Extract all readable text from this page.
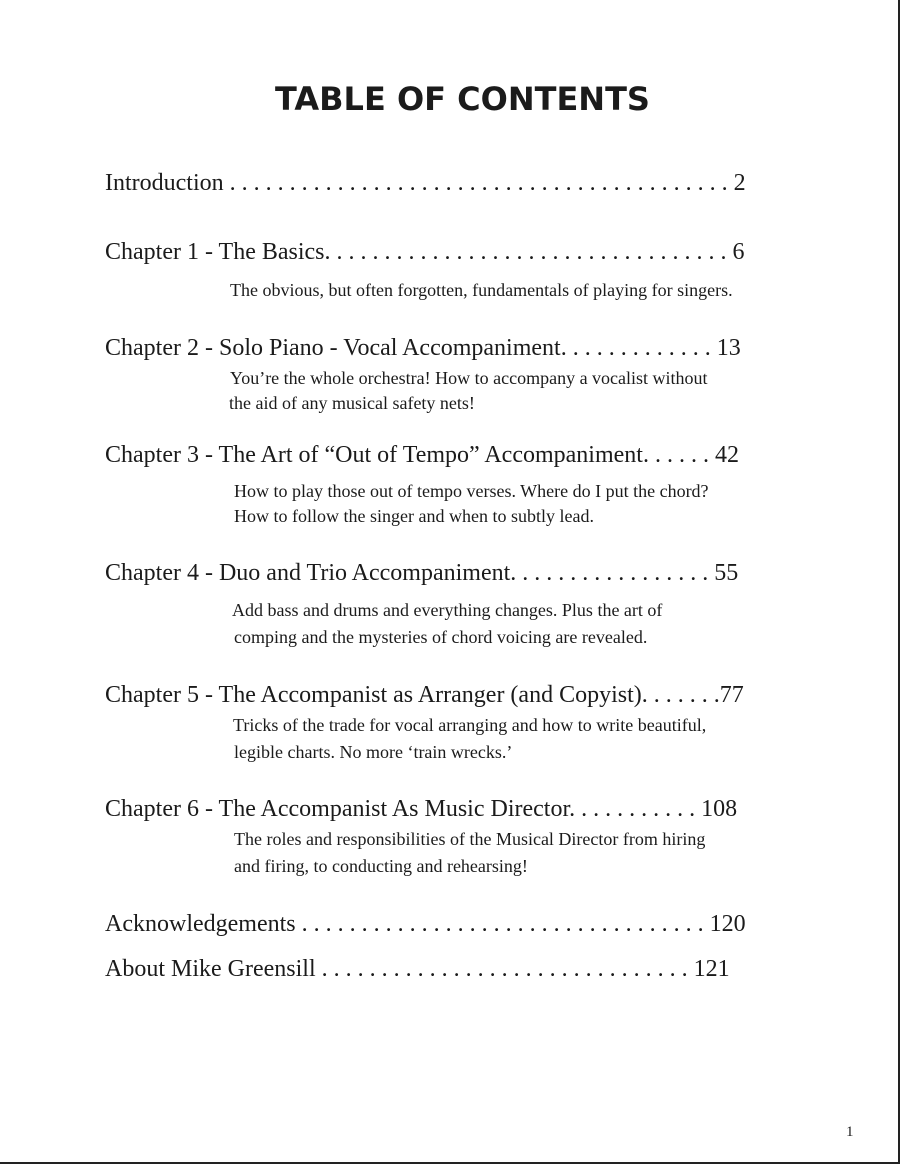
TABLE OF CONTENTS
Introduction . . . . . . . . . . . . . . . . . . . . . . . . . . . . . . . . . . . . . . . . . . 2
Chapter 1 - The Basics. . . . . . . . . . . . . . . . . . . . . . . . . . . . . . . . . . 6
The obvious, but often forgotten, fundamentals of playing for singers.
Chapter 2 - Solo Piano - Vocal Accompaniment. . . . . . . . . . . . . 13
You’re the whole orchestra! How to accompany a vocalist without
the aid of any musical safety nets!
Chapter 3 - The Art of “Out of Tempo” Accompaniment. . . . . . 42
How to play those out of tempo verses. Where do I put the chord?
How to follow the singer and when to subtly lead.
Chapter 4 - Duo and Trio Accompaniment. . . . . . . . . . . . . . . . . 55
Add bass and drums and everything changes. Plus the art of
comping and the mysteries of chord voicing are revealed.
Chapter 5 - The Accompanist as Arranger (and Copyist). . . . . . .77
Tricks of the trade for vocal arranging and how to write beautiful,
legible charts. No more ‘train wrecks.’
Chapter 6 - The Accompanist As Music Director. . . . . . . . . . . 108
The roles and responsibilities of the Musical Director from hiring
and firing, to conducting and rehearsing!
Acknowledgements . . . . . . . . . . . . . . . . . . . . . . . . . . . . . . . . . . 120
About Mike Greensill . . . . . . . . . . . . . . . . . . . . . . . . . . . . . . . 121
1
